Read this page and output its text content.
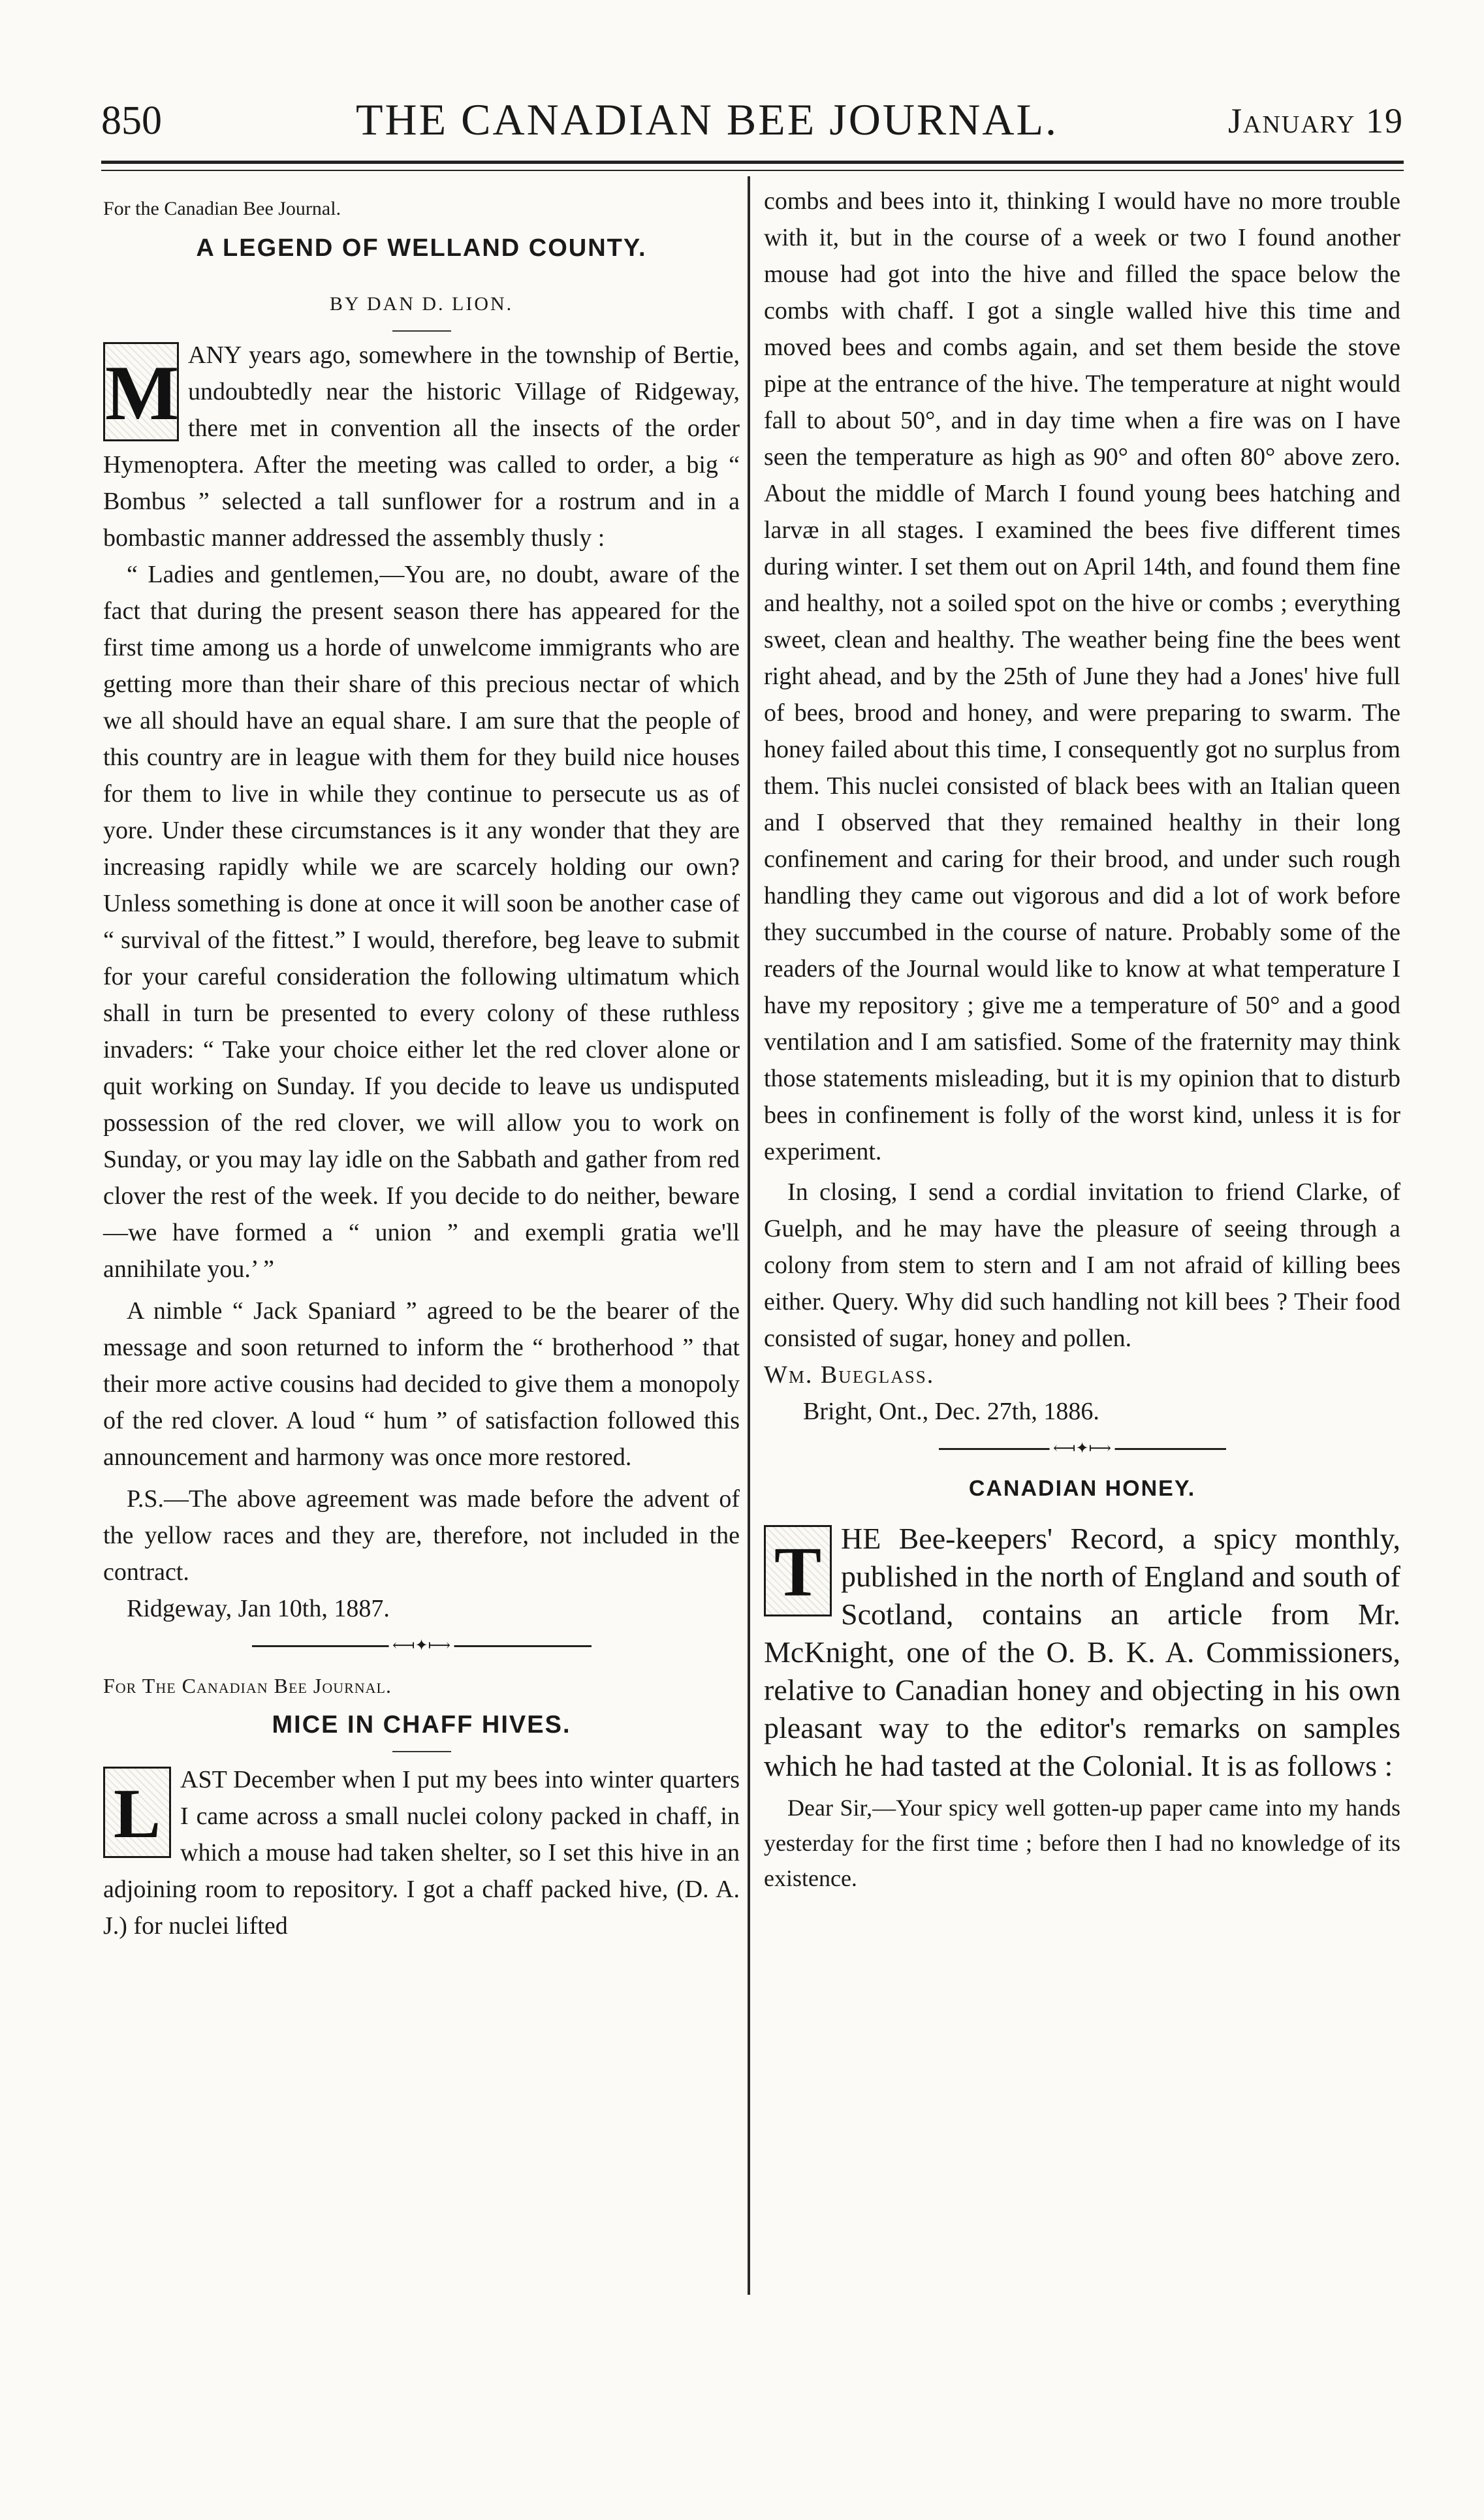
850	THE CANADIAN BEE JOURNAL.	January 19
For the Canadian Bee Journal.
A LEGEND OF WELLAND COUNTY.
BY DAN D. LION.

M ANY years ago, somewhere in the township of Bertie, undoubtedly near the historic Village of Ridgeway, there met in convention all the insects of the order Hymenoptera. After the meeting was called to order, a big “ Bombus ” selected a tall sunflower for a rostrum and in a bombastic manner addressed the assembly thusly :

“ Ladies and gentlemen,—You are, no doubt, aware of the fact that during the present season there has appeared for the first time among us a horde of unwelcome immigrants who are getting more than their share of this precious nectar of which we all should have an equal share. I am sure that the people of this country are in league with them for they build nice houses for them to live in while they continue to persecute us as of yore. Under these circumstances is it any wonder that they are increasing rapidly while we are scarcely holding our own? Unless something is done at once it will soon be another case of “ survival of the fittest.” I would, therefore, beg leave to submit for your careful consideration the following ultimatum which shall in turn be presented to every colony of these ruthless invaders: “ Take your choice either let the red clover alone or quit working on Sunday. If you decide to leave us undisputed possession of the red clover, we will allow you to work on Sunday, or you may lay idle on the Sabbath and gather from red clover the rest of the week. If you decide to do neither, beware—we have formed a “ union ” and exempli gratia we'll annihilate you.’ ”

A nimble “ Jack Spaniard ” agreed to be the bearer of the message and soon returned to inform the “ brotherhood ” that their more active cousins had decided to give them a monopoly of the red clover. A loud “ hum ” of satisfaction followed this announcement and harmony was once more restored.

P.S.—The above agreement was made before the advent of the yellow races and they are, therefore, not included in the contract.

Ridgeway, Jan 10th, 1887.

⟻✦⟼
For The Canadian Bee Journal.
MICE IN CHAFF HIVES.

L AST December when I put my bees into winter quarters I came across a small nuclei colony packed in chaff, in which a mouse had taken shelter, so I set this hive in an adjoining room to repository. I got a chaff packed hive, (D. A. J.) for nuclei lifted

combs and bees into it, thinking I would have no more trouble with it, but in the course of a week or two I found another mouse had got into the hive and filled the space below the combs with chaff. I got a single walled hive this time and moved bees and combs again, and set them beside the stove pipe at the entrance of the hive. The temperature at night would fall to about 50°, and in day time when a fire was on I have seen the temperature as high as 90° and often 80° above zero. About the middle of March I found young bees hatching and larvæ in all stages. I examined the bees five different times during winter. I set them out on April 14th, and found them fine and healthy, not a soiled spot on the hive or combs ; everything sweet, clean and healthy. The weather being fine the bees went right ahead, and by the 25th of June they had a Jones' hive full of bees, brood and honey, and were preparing to swarm. The honey failed about this time, I consequently got no surplus from them. This nuclei consisted of black bees with an Italian queen and I observed that they remained healthy in their long confinement and caring for their brood, and under such rough handling they came out vigorous and did a lot of work before they succumbed in the course of nature. Probably some of the readers of the Journal would like to know at what temperature I have my repository ; give me a temperature of 50° and a good ventilation and I am satisfied. Some of the fraternity may think those statements misleading, but it is my opinion that to disturb bees in confinement is folly of the worst kind, unless it is for experiment.

In closing, I send a cordial invitation to friend Clarke, of Guelph, and he may have the pleasure of seeing through a colony from stem to stern and I am not afraid of killing bees either. Query. Why did such handling not kill bees ? Their food consisted of sugar, honey and pollen.

Wm. Bueglass.

Bright, Ont., Dec. 27th, 1886.

⟻✦⟼
CANADIAN HONEY.

T HE Bee-keepers' Record, a spicy monthly, published in the north of England and south of Scotland, contains an article from Mr. McKnight, one of the O. B. K. A. Commissioners, relative to Canadian honey and objecting in his own pleasant way to the editor's remarks on samples which he had tasted at the Colonial. It is as follows :

Dear Sir,—Your spicy well gotten-up paper came into my hands yesterday for the first time ; before then I had no knowledge of its existence.
